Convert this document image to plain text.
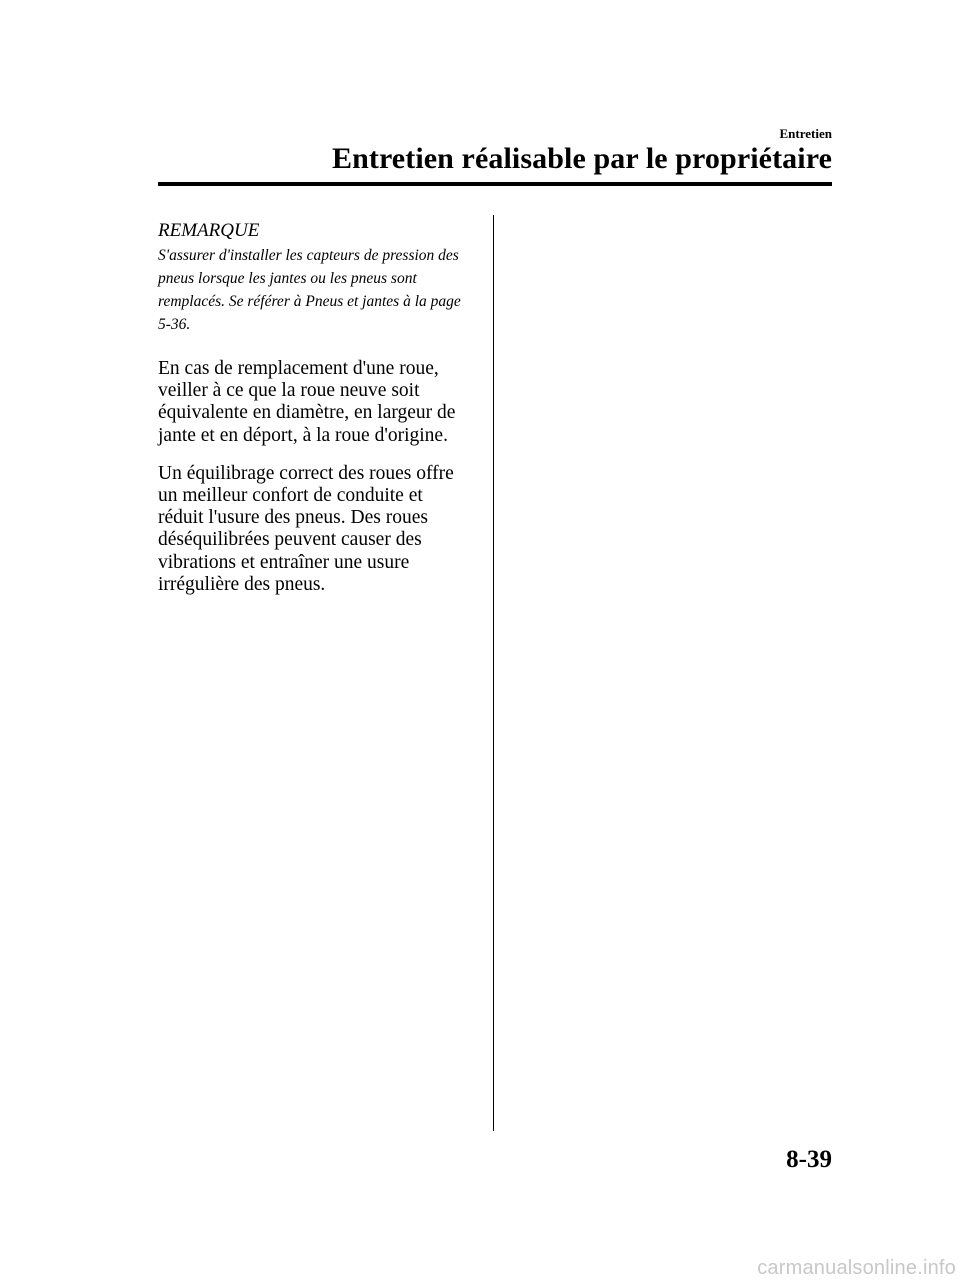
Entretien
Entretien réalisable par le propriétaire
REMARQUE

S'assurer d'installer les capteurs de pression des pneus lorsque les jantes ou les pneus sont remplacés. Se référer à Pneus et jantes à la page 5-36.

En cas de remplacement d'une roue, veiller à ce que la roue neuve soit équivalente en diamètre, en largeur de jante et en déport, à la roue d'origine.

Un équilibrage correct des roues offre un meilleur confort de conduite et réduit l'usure des pneus. Des roues déséquilibrées peuvent causer des vibrations et entraîner une usure irrégulière des pneus.

8-39
carmanualsonline.info
